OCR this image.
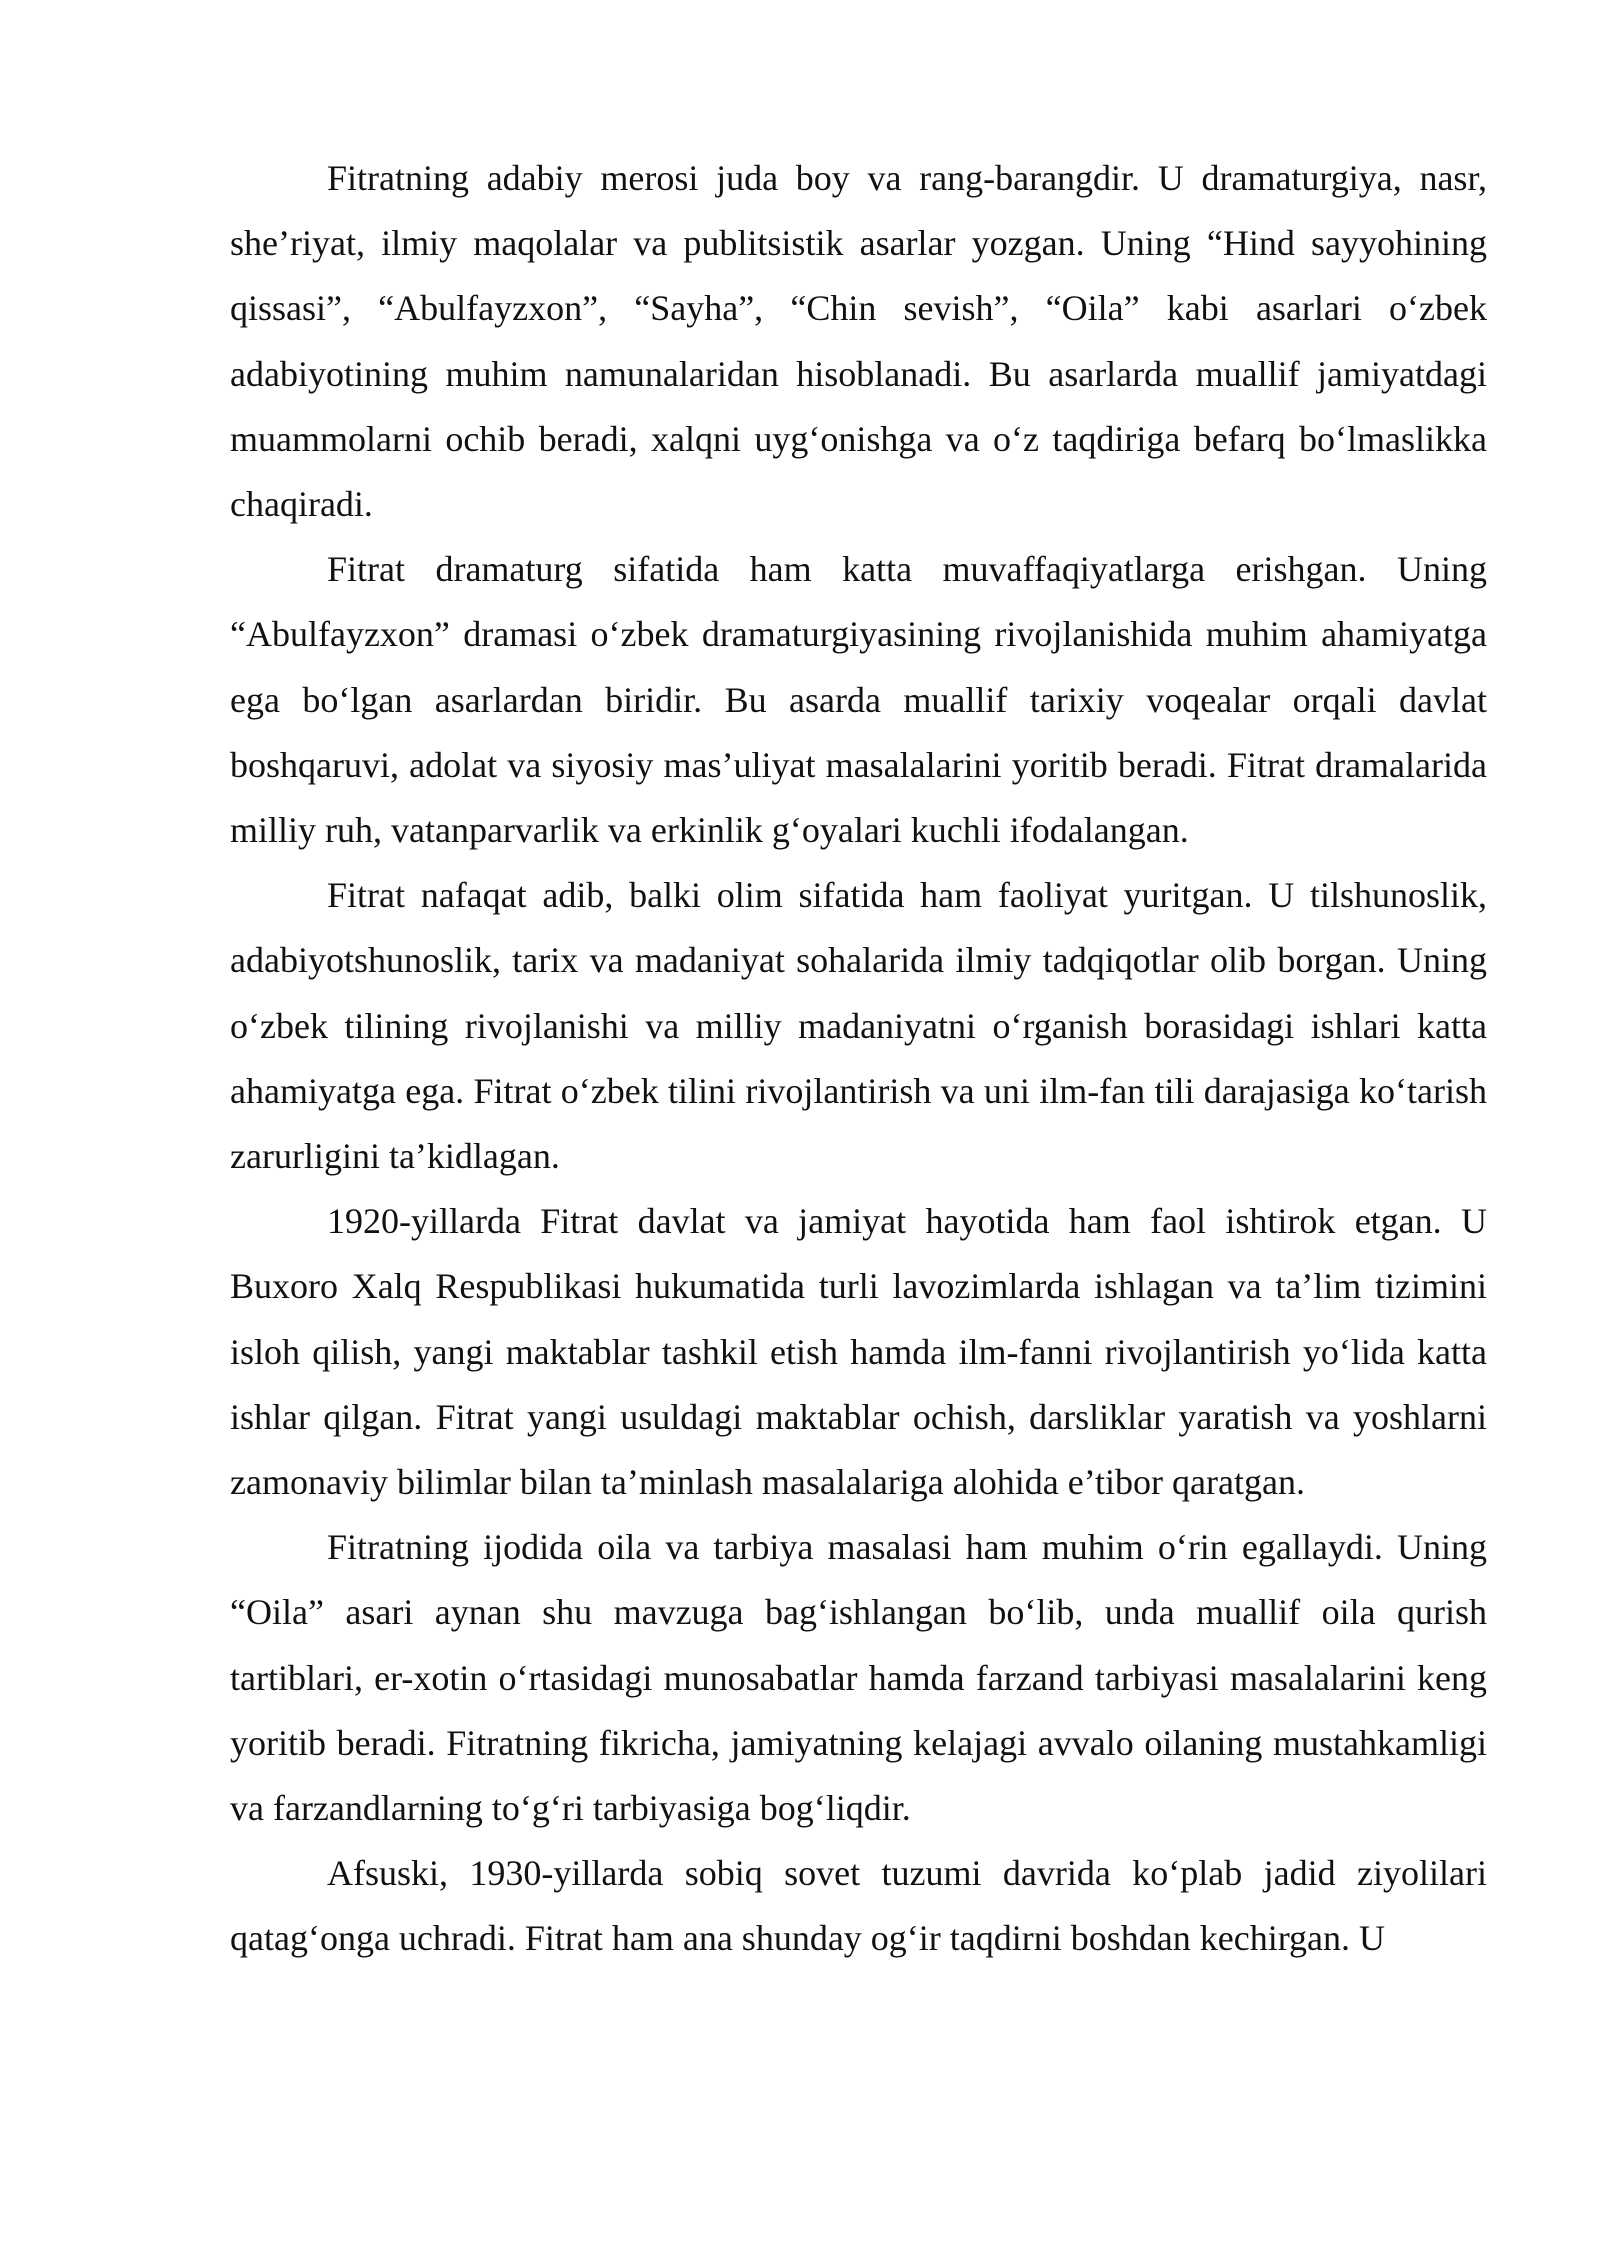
Fitratning adabiy merosi juda boy va rang-barangdir. U dramaturgiya, nasr, she’riyat, ilmiy maqolalar va publitsistik asarlar yozgan. Uning “Hind sayyohining qissasi”, “Abulfayzxon”, “Sayha”, “Chin sevish”, “Oila” kabi asarlari o‘zbek adabiyotining muhim namunalaridan hisoblanadi. Bu asarlarda muallif jamiyatdagi muammolarni ochib beradi, xalqni uyg‘onishga va o‘z taqdiriga befarq bo‘lmaslikka chaqiradi.

Fitrat dramaturg sifatida ham katta muvaffaqiyatlarga erishgan. Uning “Abulfayzxon” dramasi o‘zbek dramaturgiyasining rivojlanishida muhim ahamiyatga ega bo‘lgan asarlardan biridir. Bu asarda muallif tarixiy voqealar orqali davlat boshqaruvi, adolat va siyosiy mas’uliyat masalalarini yoritib beradi. Fitrat dramalarida milliy ruh, vatanparvarlik va erkinlik g‘oyalari kuchli ifodalangan.

Fitrat nafaqat adib, balki olim sifatida ham faoliyat yuritgan. U tilshunoslik, adabiyotshunoslik, tarix va madaniyat sohalarida ilmiy tadqiqotlar olib borgan. Uning o‘zbek tilining rivojlanishi va milliy madaniyatni o‘rganish borasidagi ishlari katta ahamiyatga ega. Fitrat o‘zbek tilini rivojlantirish va uni ilm-fan tili darajasiga ko‘tarish zarurligini ta’kidlagan.

1920-yillarda Fitrat davlat va jamiyat hayotida ham faol ishtirok etgan. U Buxoro Xalq Respublikasi hukumatida turli lavozimlarda ishlagan va ta’lim tizimini isloh qilish, yangi maktablar tashkil etish hamda ilm-fanni rivojlantirish yo‘lida katta ishlar qilgan. Fitrat yangi usuldagi maktablar ochish, darsliklar yaratish va yoshlarni zamonaviy bilimlar bilan ta’minlash masalalariga alohida e’tibor qaratgan.

Fitratning ijodida oila va tarbiya masalasi ham muhim o‘rin egallaydi. Uning “Oila” asari aynan shu mavzuga bag‘ishlangan bo‘lib, unda muallif oila qurish tartiblari, er-xotin o‘rtasidagi munosabatlar hamda farzand tarbiyasi masalalarini keng yoritib beradi. Fitratning fikricha, jamiyatning kelajagi avvalo oilaning mustahkamligi va farzandlarning to‘g‘ri tarbiyasiga bog‘liqdir.

Afsuski, 1930-yillarda sobiq sovet tuzumi davrida ko‘plab jadid ziyolilari qatag‘onga uchradi. Fitrat ham ana shunday og‘ir taqdirni boshdan kechirgan. U
